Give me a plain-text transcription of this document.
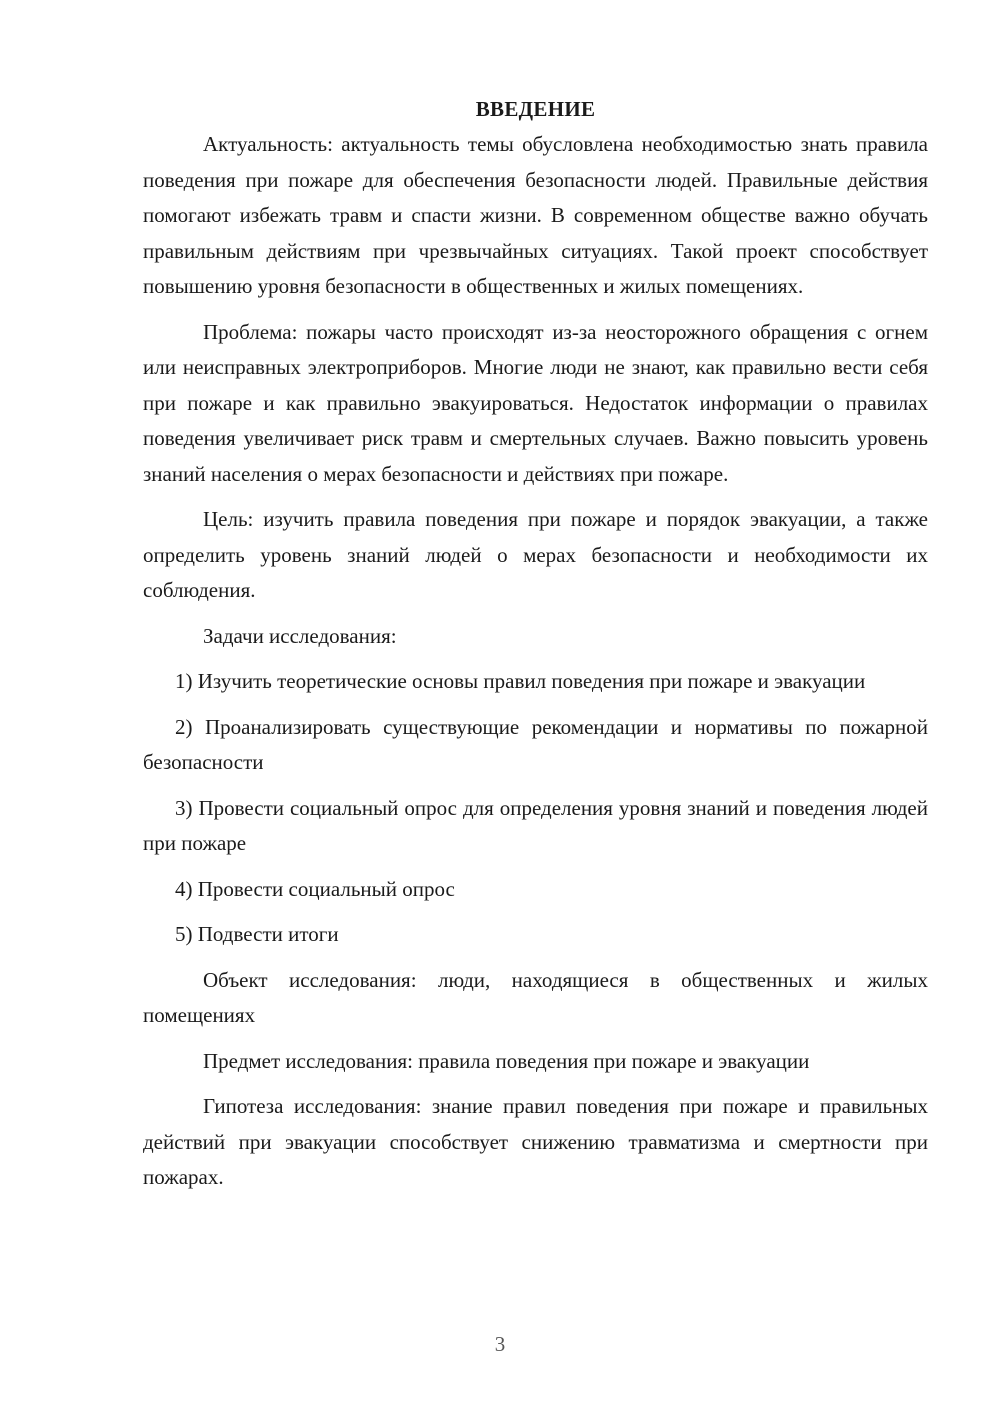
ВВЕДЕНИЕ

Актуальность: актуальность темы обусловлена необходимостью знать правила поведения при пожаре для обеспечения безопасности людей. Правильные действия помогают избежать травм и спасти жизни. В современном обществе важно обучать правильным действиям при чрезвычайных ситуациях. Такой проект способствует повышению уровня безопасности в общественных и жилых помещениях.

Проблема: пожары часто происходят из-за неосторожного обращения с огнем или неисправных электроприборов. Многие люди не знают, как правильно вести себя при пожаре и как правильно эвакуироваться. Недостаток информации о правилах поведения увеличивает риск травм и смертельных случаев. Важно повысить уровень знаний населения о мерах безопасности и действиях при пожаре.

Цель: изучить правила поведения при пожаре и порядок эвакуации, а также определить уровень знаний людей о мерах безопасности и необходимости их соблюдения.

Задачи исследования:

1) Изучить теоретические основы правил поведения при пожаре и эвакуации

2) Проанализировать существующие рекомендации и нормативы по пожарной безопасности

3) Провести социальный опрос для определения уровня знаний и поведения людей при пожаре

4) Провести социальный опрос

5) Подвести итоги

Объект исследования: люди, находящиеся в общественных и жилых помещениях

Предмет исследования: правила поведения при пожаре и эвакуации

Гипотеза исследования: знание правил поведения при пожаре и правильных действий при эвакуации способствует снижению травматизма и смертности при пожарах.

3
